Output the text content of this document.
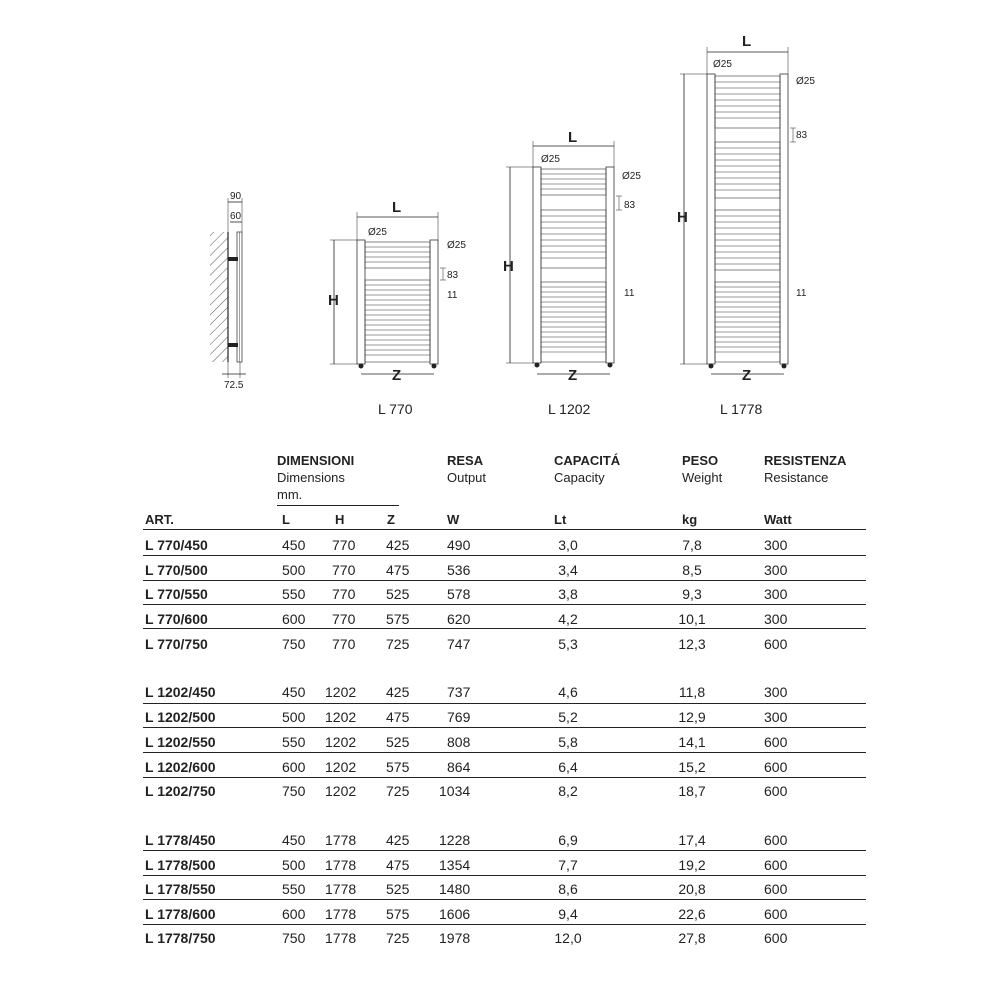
90
60
72.5
L
H
Z
Ø25
Ø25
83
11
L 770
L
H
Z
Ø25
Ø25
83
11
L 1202
L
H
Z
Ø25
Ø25
83
11
L 1778
DIMENSIONI
Dimensions
mm.
RESA
Output
CAPACITÁ
Capacity
PESO
Weight
RESISTENZA
Resistance
ART.	L	H	Z	W	Lt	kg	Watt
L 770/450	450 770 425	490	3,0	7,8	300
L 770/500	500 770 475	536	3,4	8,5	300
L 770/550	550 770 525	578	3,8	9,3	300
L 770/600	600 770 575	620	4,2	10,1	300
L 770/750	750 770 725	747	5,3	12,3	600
L 1202/450	450 1202 425	737	4,6	11,8	300
L 1202/500	500 1202 475	769	5,2	12,9	300
L 1202/550	550 1202 525	808	5,8	14,1	600
L 1202/600	600 1202 575	864	6,4	15,2	600
L 1202/750	750 1202 725 1034	8,2	18,7	600
L 1778/450	450 1778 425 1228	6,9	17,4	600
L 1778/500	500 1778 475 1354	7,7	19,2	600
L 1778/550	550 1778 525 1480	8,6	20,8	600
L 1778/600	600 1778 575 1606	9,4	22,6	600
L 1778/750	750 1778 725 1978	12,0	27,8	600
